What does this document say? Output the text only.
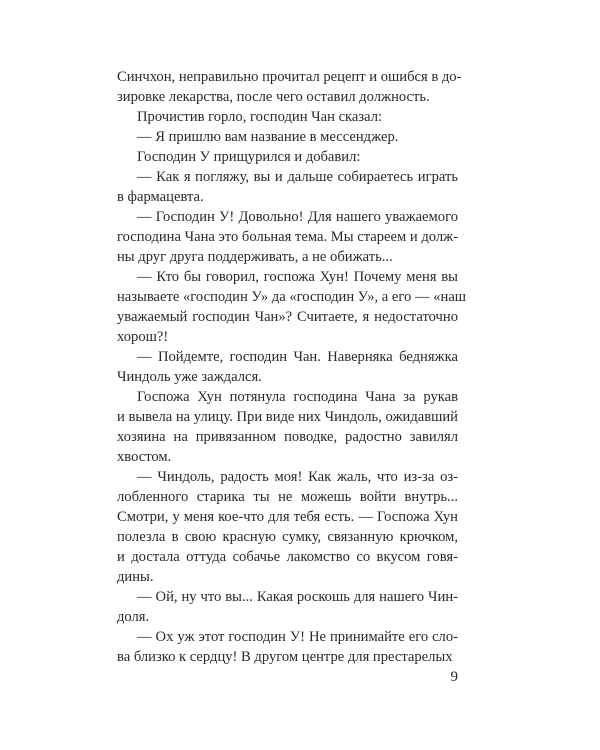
Синчхон, неправильно прочитал рецепт и ошибся в до-
зировке лекарства, после чего оставил должность.
Прочистив горло, господин Чан сказал:
— Я пришлю вам название в мессенджер.
Господин У прищурился и добавил:
— Как я погляжу, вы и дальше собираетесь играть
в фармацевта.
— Господин У! Довольно! Для нашего уважаемого
господина Чана это больная тема. Мы стареем и долж-
ны друг друга поддерживать, а не обижать...
— Кто бы говорил, госпожа Хун! Почему меня вы
называете «господин У» да «господин У», а его — «наш
уважаемый господин Чан»? Считаете, я недостаточно
хорош?!
— Пойдемте, господин Чан. Наверняка бедняжка
Чиндоль уже заждался.
Госпожа Хун потянула господина Чана за рукав
и вывела на улицу. При виде них Чиндоль, ожидавший
хозяина на привязанном поводке, радостно завилял
хвостом.
— Чиндоль, радость моя! Как жаль, что из-за оз-
лобленного старика ты не можешь войти внутрь...
Смотри, у меня кое-что для тебя есть. — Госпожа Хун
полезла в свою красную сумку, связанную крючком,
и достала оттуда собачье лакомство со вкусом говя-
дины.
— Ой, ну что вы... Какая роскошь для нашего Чин-
доля.
— Ох уж этот господин У! Не принимайте его сло-
ва близко к сердцу! В другом центре для престарелых
9
